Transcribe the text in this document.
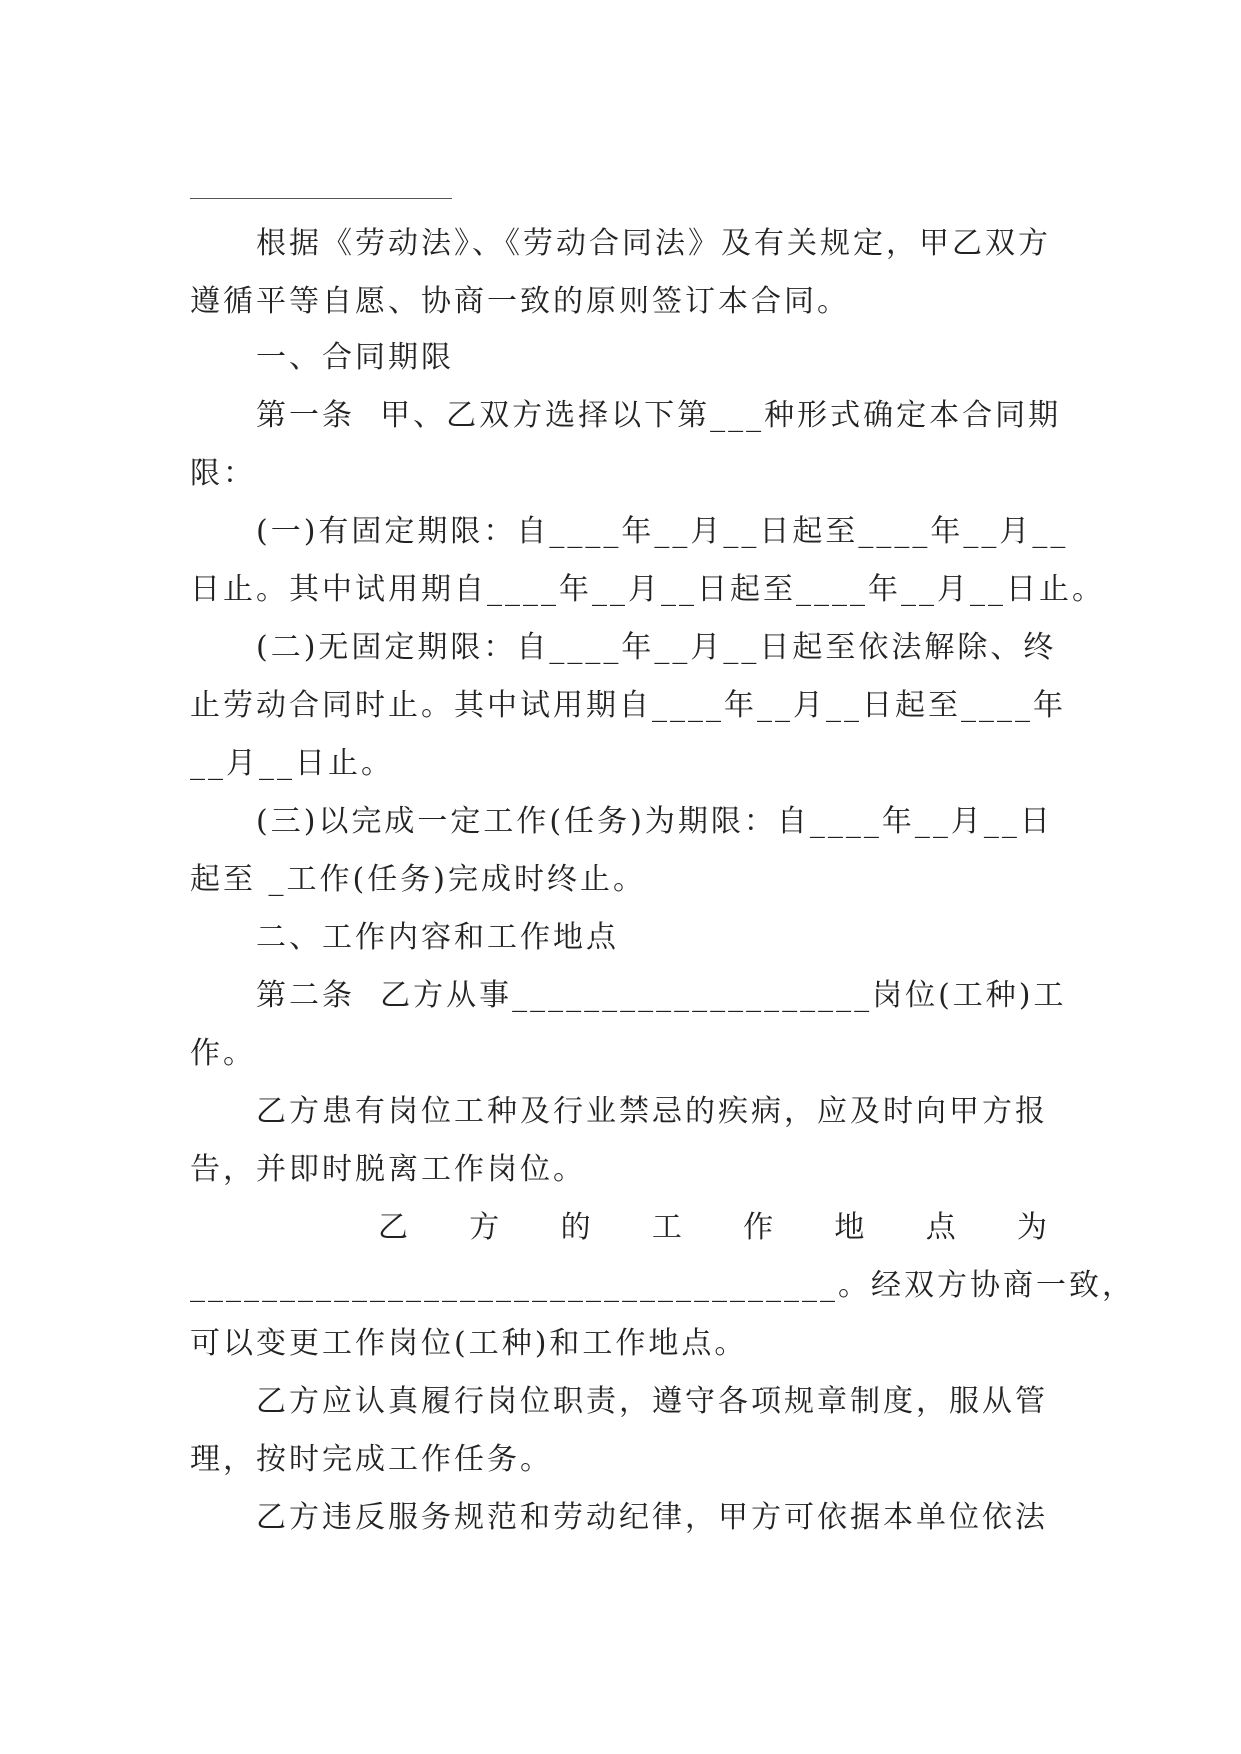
根据《劳动法》、《劳动合同法》及有关规定，甲乙双方
遵循平等自愿、协商一致的原则签订本合同。
一、合同期限
第一条  甲、乙双方选择以下第___种形式确定本合同期
限：
(一)有固定期限：自____年__月__日起至____年__月__
日止。其中试用期自____年__月__日起至____年__月__日止。
(二)无固定期限：自____年__月__日起至依法解除、终
止劳动合同时止。其中试用期自____年__月__日起至____年
__月__日止。
(三)以完成一定工作(任务)为期限：自____年__月__日
起至 _工作(任务)完成时终止。
二、工作内容和工作地点
第二条  乙方从事____________________岗位(工种)工
作。
乙方患有岗位工种及行业禁忌的疾病，应及时向甲方报
告，并即时脱离工作岗位。
乙 方 的 工 作 地 点 为
____________________________________。经双方协商一致，
可以变更工作岗位(工种)和工作地点。
乙方应认真履行岗位职责，遵守各项规章制度，服从管
理，按时完成工作任务。
乙方违反服务规范和劳动纪律，甲方可依据本单位依法
